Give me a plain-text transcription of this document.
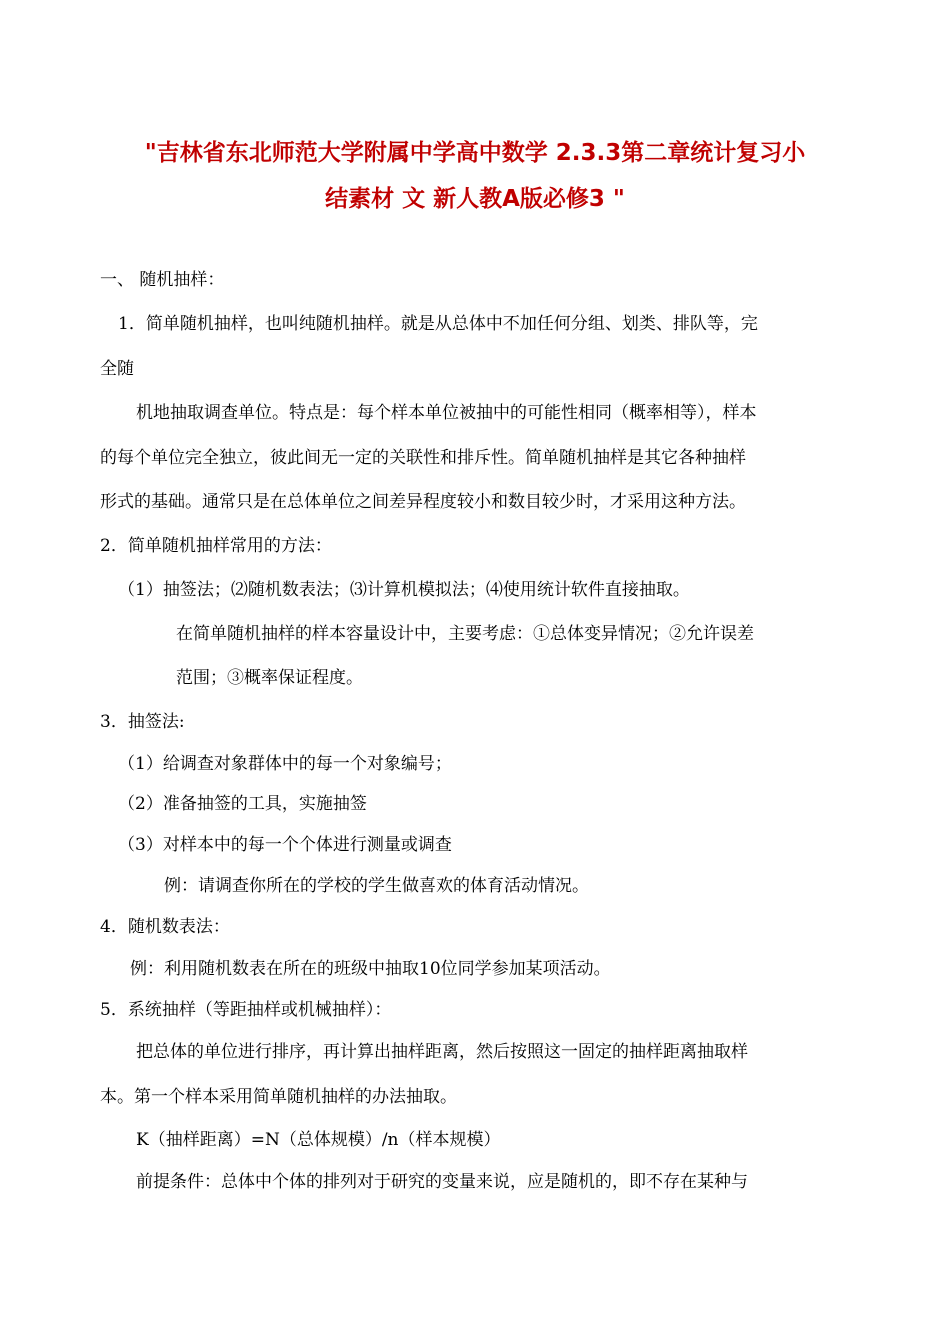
"吉林省东北师范大学附属中学高中数学 2.3.3第二章统计复习小
结素材 文 新人教A版必修3 "
一、 随机抽样：
1．简单随机抽样，也叫纯随机抽样。就是从总体中不加任何分组、划类、排队等，完
全随
机地抽取调查单位。特点是：每个样本单位被抽中的可能性相同（概率相等），样本
的每个单位完全独立，彼此间无一定的关联性和排斥性。简单随机抽样是其它各种抽样
形式的基础。通常只是在总体单位之间差异程度较小和数目较少时，才采用这种方法。
2．简单随机抽样常用的方法：
（1）抽签法；⑵随机数表法；⑶计算机模拟法；⑷使用统计软件直接抽取。
在简单随机抽样的样本容量设计中，主要考虑：①总体变异情况；②允许误差
范围；③概率保证程度。
3．抽签法:
（1）给调查对象群体中的每一个对象编号；
（2）准备抽签的工具，实施抽签
（3）对样本中的每一个个体进行测量或调查
例：请调查你所在的学校的学生做喜欢的体育活动情况。
4．随机数表法：
例：利用随机数表在所在的班级中抽取10位同学参加某项活动。
5．系统抽样（等距抽样或机械抽样）：
把总体的单位进行排序，再计算出抽样距离，然后按照这一固定的抽样距离抽取样
本。第一个样本采用简单随机抽样的办法抽取。
K（抽样距离）=N（总体规模）/n（样本规模）
前提条件：总体中个体的排列对于研究的变量来说，应是随机的，即不存在某种与
